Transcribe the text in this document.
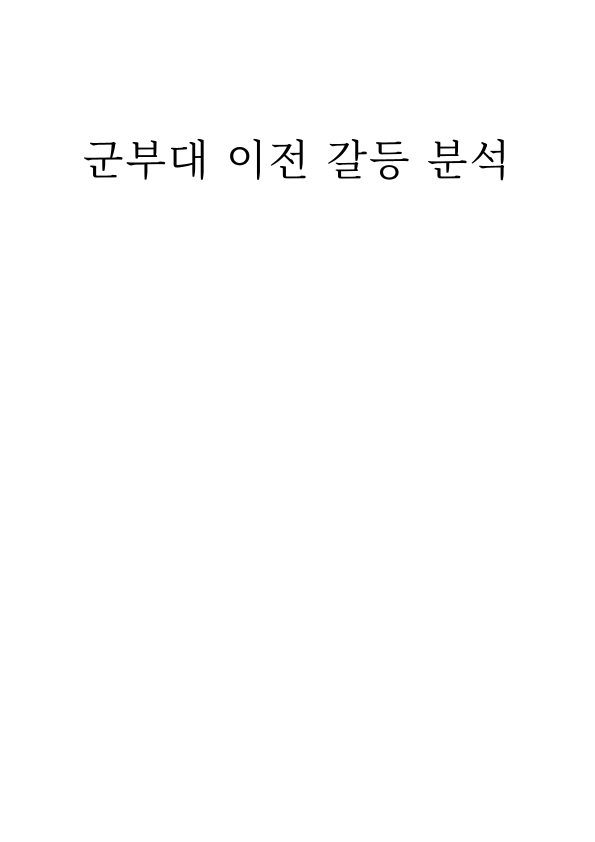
군부대 이전 갈등 분석
